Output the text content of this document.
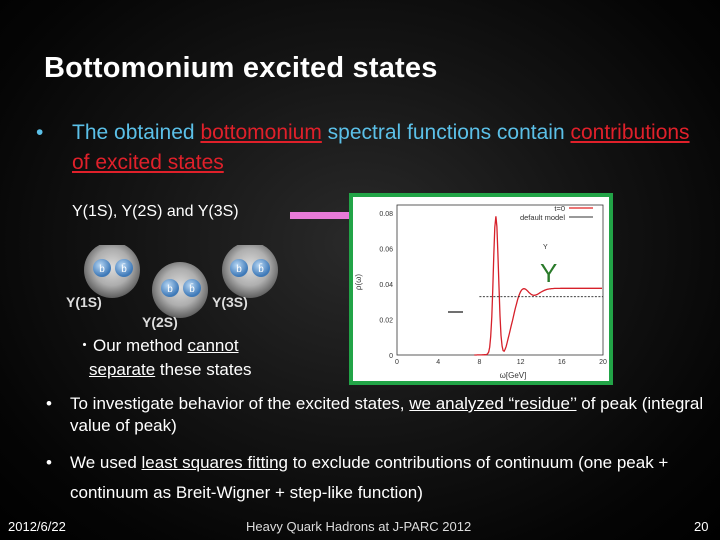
Bottomonium excited states
• The obtained bottomonium spectral functions contain contributions of excited states
Y(1S), Y(2S) and Y(3S)
b b̄
b b̄
b b̄
Y(1S)
Y(2S)
Y(3S)
0.08
0.06
0.04
0.02
0
0	4	8	12	16	20
ρ(ω)
ω[GeV]
t=0
default model
Y
Y
・Our method cannot
separate these states
• To investigate behavior of the excited states, we analyzed “residue’’ of peak (integral value of peak)
• We used least squares fitting to exclude contributions of continuum (one peak + continuum as Breit-Wigner + step-like function)
2012/6/22	Heavy Quark Hadrons at J-PARC 2012	20
